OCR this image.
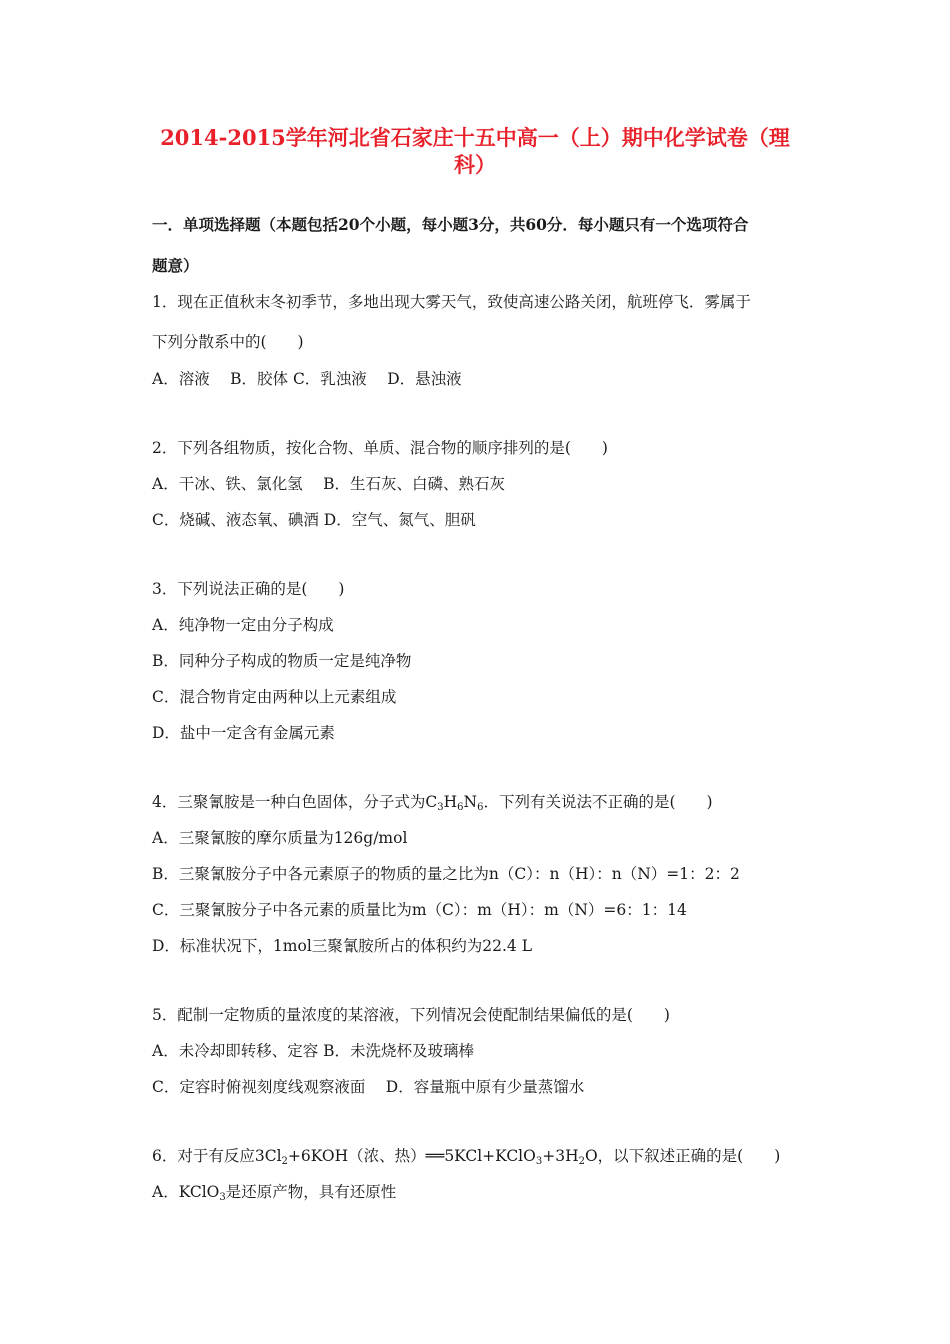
2014-2015学年河北省石家庄十五中高一（上）期中化学试卷（理
科）
一．单项选择题（本题包括20个小题，每小题3分，共60分．每小题只有一个选项符合
题意）
1．现在正值秋末冬初季节，多地出现大雾天气，致使高速公路关闭，航班停飞．雾属于
下列分散系中的(　　)
A．溶液　 B．胶体 C．乳浊液　 D．悬浊液
2．下列各组物质，按化合物、单质、混合物的顺序排列的是(　　)
A．干冰、铁、氯化氢　 B．生石灰、白磷、熟石灰
C．烧碱、液态氧、碘酒 D．空气、氮气、胆矾
3．下列说法正确的是(　　)
A．纯净物一定由分子构成
B．同种分子构成的物质一定是纯净物
C．混合物肯定由两种以上元素组成
D．盐中一定含有金属元素
4．三聚氰胺是一种白色固体，分子式为$C_3H_6N_6$．下列有关说法不正确的是(　　)
A．三聚氰胺的摩尔质量为126g/mol
B．三聚氰胺分子中各元素原子的物质的量之比为n（C）：n（H）：n（N）=1：2：2
C．三聚氰胺分子中各元素的质量比为m（C）：m（H）：m（N）=6：1：14
D．标准状况下，1mol三聚氰胺所占的体积约为22.4 L
5．配制一定物质的量浓度的某溶液，下列情况会使配制结果偏低的是(　　)
A．未冷却即转移、定容 B．未洗烧杯及玻璃棒
C．定容时俯视刻度线观察液面　 D．容量瓶中原有少量蒸馏水
6．对于有反应$3Cl_2+6KOH$（浓、热）$══5KCl+KClO_3+3H_2O$，以下叙述正确的是(　　)
A．KClO$_3$是还原产物，具有还原性
